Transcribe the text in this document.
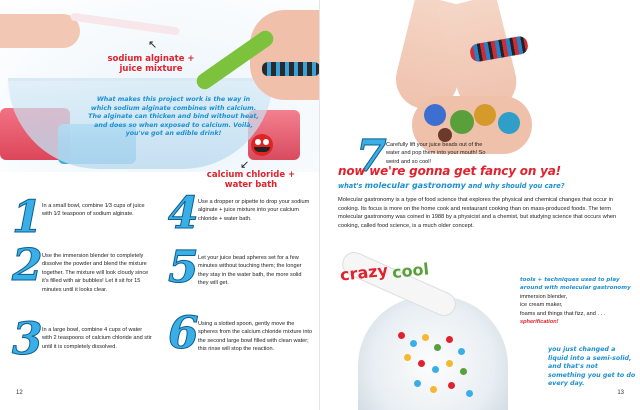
↖
sodium alginate + juice mixture
What makes this project work is the way in which sodium alginate combines with calcium. The alginate can thicken and bind without heat, and does so when exposed to calcium. Voilà, you've got an edible drink!
↙
calcium chloride + water bath
1 In a small bowl, combine 1⁄3 cups of juice with 1⁄2 teaspoon of sodium alginate.
2 Use the immersion blender to completely dissolve the powder and blend the mixture together. The mixture will look cloudy since it's filled with air bubbles! Let it sit for 15 minutes until it looks clear.
3 In a large bowl, combine 4 cups of water with 2 teaspoons of calcium chloride and stir until it is completely dissolved.
4 Use a dropper or pipette to drop your sodium alginate + juice mixture into your calcium chloride + water bath.
5 Let your juice bead spheres set for a few minutes without touching them; the longer they stay in the water bath, the more solid they will get.
6 Using a slotted spoon, gently move the spheres from the calcium chloride mixture into the second large bowl filled with clean water; this rinse will stop the reaction.
12
7 Carefully lift your juice beads out of the water and pop them into your mouth! So weird and so cool!
now we're gonna get fancy on ya!
what's molecular gastronomy and why should you care?
Molecular gastronomy is a type of food science that explores the physical and chemical changes that occur in cooking. Its focus is more on the home cook and restaurant cooking than on mass-produced foods. The term molecular gastronomy was coined in 1988 by a physicist and a chemist, but studying science that occurs when cooking, called food science, is a much older concept.
crazy cool	tools + techniques used to play around with molecular gastronomy
immersion blender,
ice cream maker,
foams and things that fizz, and . . .
spherification!
you just changed a liquid into a semi-solid, and that's not something you get to do every day.
13
